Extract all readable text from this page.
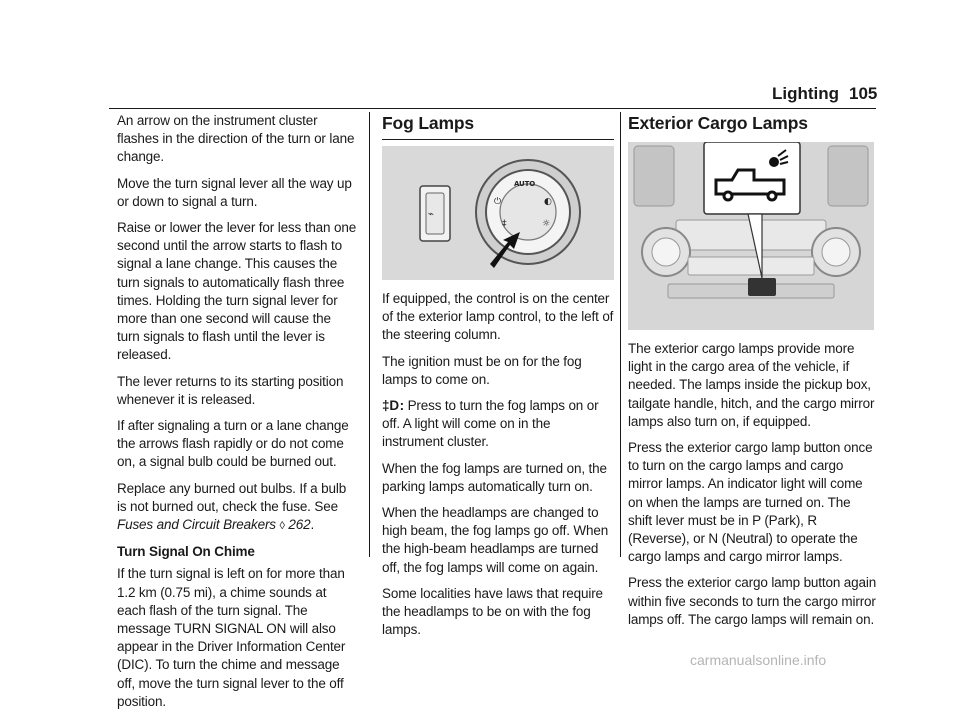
Lighting 105

An arrow on the instrument cluster flashes in the direction of the turn or lane change.

Move the turn signal lever all the way up or down to signal a turn.

Raise or lower the lever for less than one second until the arrow starts to flash to signal a lane change. This causes the turn signals to automatically flash three times. Holding the turn signal lever for more than one second will cause the turn signals to flash until the lever is released.

The lever returns to its starting position whenever it is released.

If after signaling a turn or a lane change the arrows flash rapidly or do not come on, a signal bulb could be burned out.

Replace any burned out bulbs. If a bulb is not burned out, check the fuse. See Fuses and Circuit Breakers ◊ 262.

Turn Signal On Chime

If the turn signal is left on for more than 1.2 km (0.75 mi), a chime sounds at each flash of the turn signal. The message TURN SIGNAL ON will also appear in the Driver Information Center (DIC). To turn the chime and message off, move the turn signal lever to the off position.

Fog Lamps
⌁
AUTO
⏻	◐
☼
‡

If equipped, the control is on the center of the exterior lamp control, to the left of the steering column.

The ignition must be on for the fog lamps to come on.

‡D : Press to turn the fog lamps on or off. A light will come on in the instrument cluster.

When the fog lamps are turned on, the parking lamps automatically turn on.

When the headlamps are changed to high beam, the fog lamps go off. When the high-beam headlamps are turned off, the fog lamps will come on again.

Some localities have laws that require the headlamps to be on with the fog lamps.

Exterior Cargo Lamps

The exterior cargo lamps provide more light in the cargo area of the vehicle, if needed. The lamps inside the pickup box, tailgate handle, hitch, and the cargo mirror lamps also turn on, if equipped.

Press the exterior cargo lamp button once to turn on the cargo lamps and cargo mirror lamps. An indicator light will come on when the lamps are turned on. The shift lever must be in P (Park), R (Reverse), or N (Neutral) to operate the cargo lamps and cargo mirror lamps.

Press the exterior cargo lamp button again within five seconds to turn the cargo mirror lamps off. The cargo lamps will remain on.

carmanualsonline.info
